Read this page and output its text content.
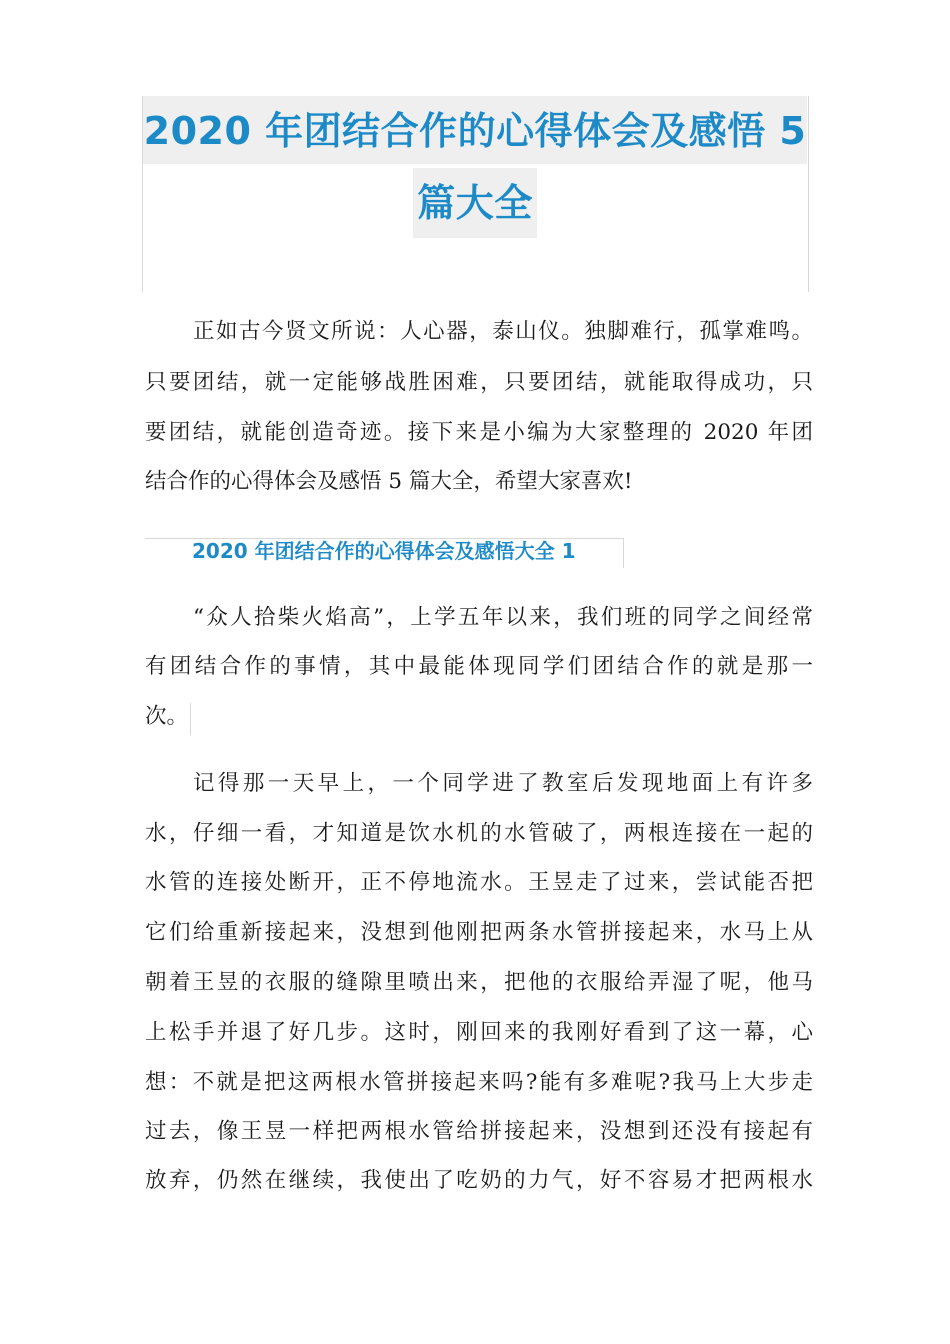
2020 年团结合作的心得体会及感悟 5
篇大全
正如古今贤文所说：人心器，泰山仪。独脚难行，孤掌难鸣。
只要团结，就一定能够战胜困难，只要团结，就能取得成功，只
要团结，就能创造奇迹。接下来是小编为大家整理的 2020 年团
结合作的心得体会及感悟 5 篇大全，希望大家喜欢!
2020 年团结合作的心得体会及感悟大全 1
“众人拾柴火焰高”，上学五年以来，我们班的同学之间经常
有团结合作的事情，其中最能体现同学们团结合作的就是那一
次。
记得那一天早上，一个同学进了教室后发现地面上有许多
水，仔细一看，才知道是饮水机的水管破了，两根连接在一起的
水管的连接处断开，正不停地流水。王昱走了过来，尝试能否把
它们给重新接起来，没想到他刚把两条水管拼接起来，水马上从
朝着王昱的衣服的缝隙里喷出来，把他的衣服给弄湿了呢，他马
上松手并退了好几步。这时，刚回来的我刚好看到了这一幕，心
想：不就是把这两根水管拼接起来吗?能有多难呢?我马上大步走
过去，像王昱一样把两根水管给拼接起来，没想到还没有接起有
放弃，仍然在继续，我使出了吃奶的力气，好不容易才把两根水
